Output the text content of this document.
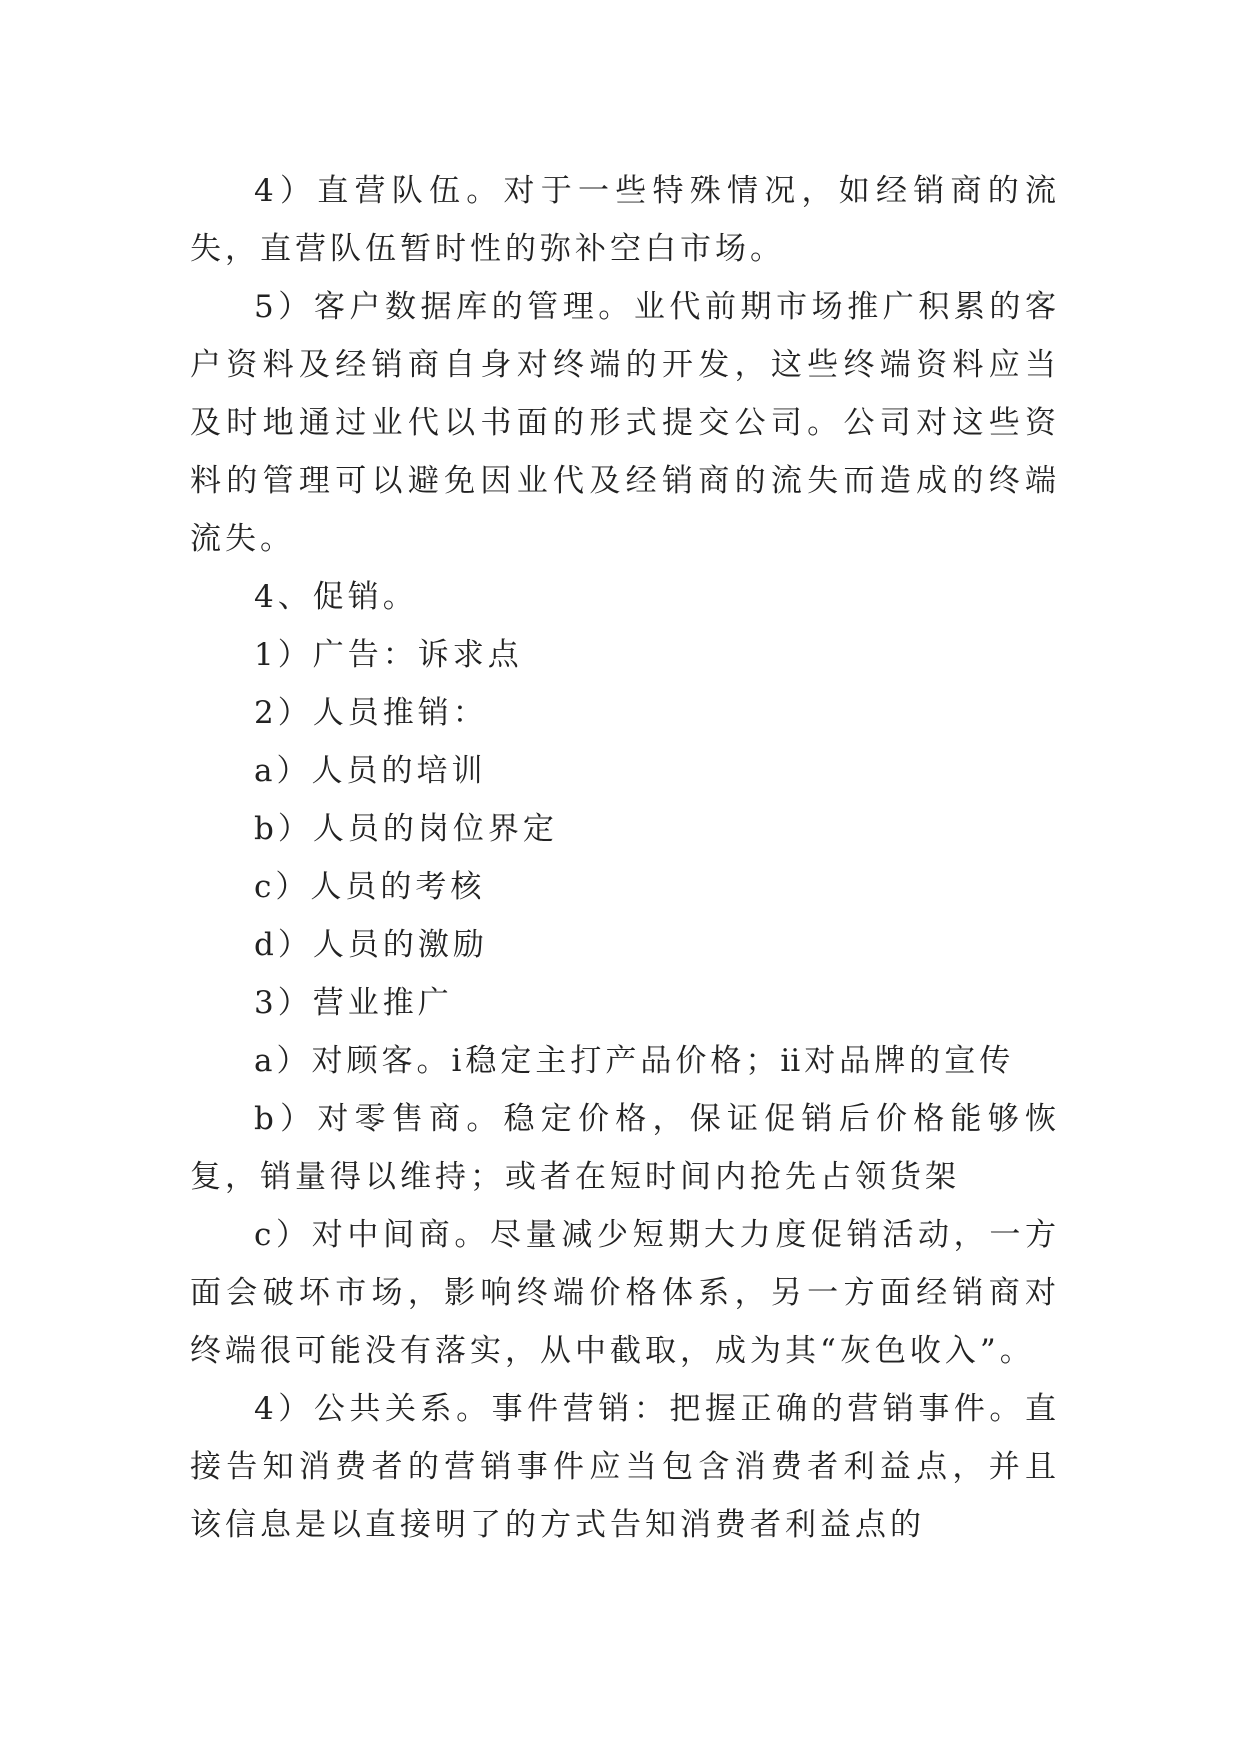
4）直营队伍。对于一些特殊情况，如经销商的流失，直营队伍暂时性的弥补空白市场。

5）客户数据库的管理。业代前期市场推广积累的客户资料及经销商自身对终端的开发，这些终端资料应当及时地通过业代以书面的形式提交公司。公司对这些资料的管理可以避免因业代及经销商的流失而造成的终端流失。

4、促销。

1）广告：诉求点

2）人员推销：

a）人员的培训

b）人员的岗位界定

c）人员的考核

d）人员的激励

3）营业推广

a）对顾客。ⅰ稳定主打产品价格；ⅱ对品牌的宣传

b）对零售商。稳定价格，保证促销后价格能够恢复，销量得以维持；或者在短时间内抢先占领货架

c）对中间商。尽量减少短期大力度促销活动，一方面会破坏市场，影响终端价格体系，另一方面经销商对终端很可能没有落实，从中截取，成为其“灰色收入”。

4）公共关系。事件营销：把握正确的营销事件。直接告知消费者的营销事件应当包含消费者利益点，并且该信息是以直接明了的方式告知消费者利益点的
